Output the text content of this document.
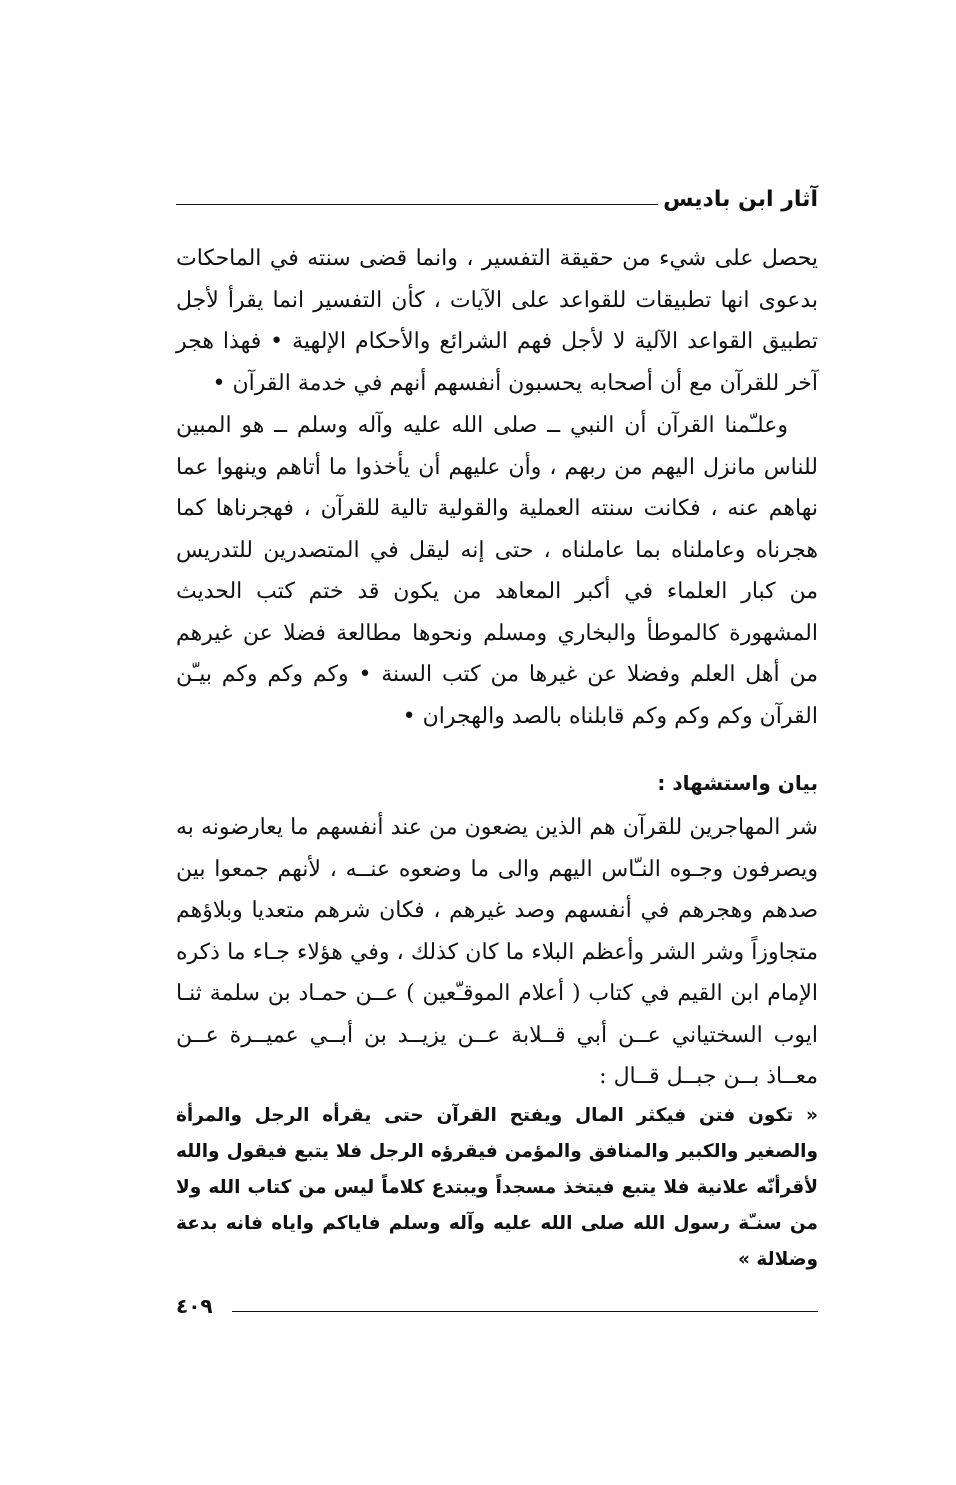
آثار ابن باديس

يحصل على شيء من حقيقة التفسير ، وانما قضى سنته في الماحكات بدعوى انها تطبيقات للقواعد على الآيات ، كأن التفسير انما يقرأ لأجل تطبيق القواعد الآلية لا لأجل فهم الشرائع والأحكام الإلهية • فهذا هجر آخر للقرآن مع أن أصحابه يحسبون أنفسهم أنهم في خدمة القرآن •

وعلـّمنا القرآن أن النبي ــ صلى الله عليه وآله وسلم ــ هو المبين للناس مانزل اليهم من ربهم ، وأن عليهم أن يأخذوا ما أتاهم وينهوا عما نهاهم عنه ، فكانت سنته العملية والقولية تالية للقرآن ، فهجرناها كما هجرناه وعاملناه بما عاملناه ، حتى إنه ليقل في المتصدرين للتدريس من كبار العلماء في أكبر المعاهد من يكون قد ختم كتب الحديث المشهورة كالموطأ والبخاري ومسلم ونحوها مطالعة فضلا عن غيرهم من أهل العلم وفضلا عن غيرها من كتب السنة • وكم وكم وكم بيـّن القرآن وكم وكم وكم قابلناه بالصد والهجران •

بيان واستشهاد :

شر المهاجرين للقرآن هم الذين يضعون من عند أنفسهم ما يعارضونه به ويصرفون وجـوه النـّاس اليهم والى ما وضعوه عنــه ، لأنهم جمعوا بين صدهم وهجرهم في أنفسهم وصد غيرهم ، فكان شرهم متعديا وبلاؤهم متجاوزاً وشر الشر وأعظم البلاء ما كان كذلك ، وفي هؤلاء جـاء ما ذكره الإمام ابن القيم في كتاب ( أعلام الموقـّعين ) عــن حمـاد بن سلمة ثنـا ايوب السختياني عــن أبي قــلابة عــن يزيــد بن أبــي عميــرة عــن معــاذ بــن جبــل قــال :

« تكون فتن فيكثر المال ويفتح القرآن حتى يقرأه الرجل والمرأة والصغير والكبير والمنافق والمؤمن فيقرؤه الرجل فلا يتبع فيقول والله لأقرأنّه علانية فلا يتبع فيتخذ مسجداً ويبتدع كلاماً ليس من كتاب الله ولا من سنـّة رسول الله صلى الله عليه وآله وسلم فاياكم واياه فانه بدعة وضلالة »

٤٠٩
